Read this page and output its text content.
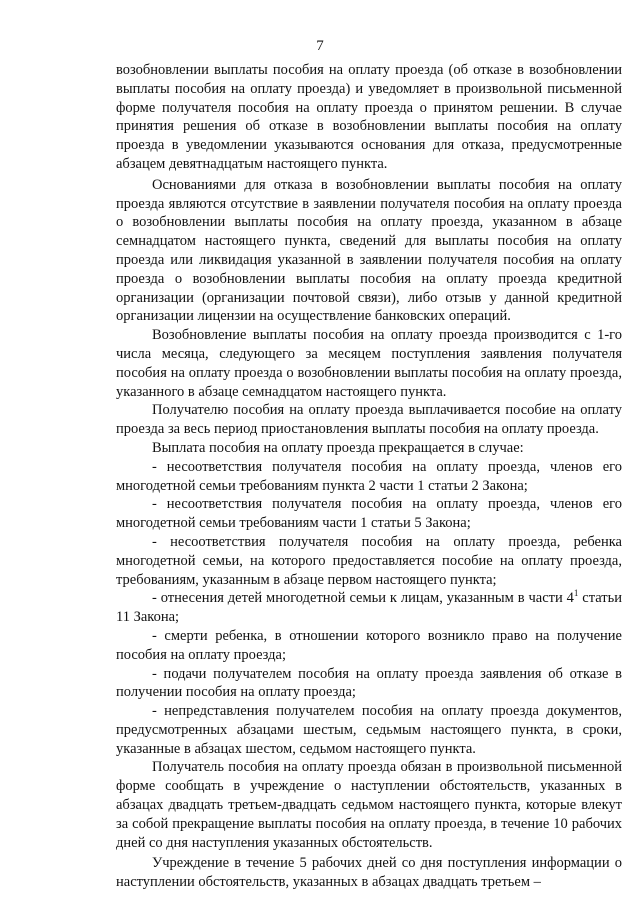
7

возобновлении выплаты пособия на оплату проезда (об отказе в возобновлении выплаты пособия на оплату проезда) и уведомляет в произвольной письменной форме получателя пособия на оплату проезда о принятом решении. В случае принятия решения об отказе в возобновлении выплаты пособия на оплату проезда в уведомлении указываются основания для отказа, предусмотренные абзацем девятнадцатым настоящего пункта.

Основаниями для отказа в возобновлении выплаты пособия на оплату проезда являются отсутствие в заявлении получателя пособия на оплату проезда о возобновлении выплаты пособия на оплату проезда, указанном в абзаце семнадцатом настоящего пункта, сведений для выплаты пособия на оплату проезда или ликвидация указанной в заявлении получателя пособия на оплату проезда о возобновлении выплаты пособия на оплату проезда кредитной организации (организации почтовой связи), либо отзыв у данной кредитной организации лицензии на осуществление банковских операций.

Возобновление выплаты пособия на оплату проезда производится с 1-го числа месяца, следующего за месяцем поступления заявления получателя пособия на оплату проезда о возобновлении выплаты пособия на оплату проезда, указанного в абзаце семнадцатом настоящего пункта.

Получателю пособия на оплату проезда выплачивается пособие на оплату проезда за весь период приостановления выплаты пособия на оплату проезда.

Выплата пособия на оплату проезда прекращается в случае:

- несоответствия получателя пособия на оплату проезда, членов его многодетной семьи требованиям пункта 2 части 1 статьи 2 Закона;

- несоответствия получателя пособия на оплату проезда, членов его многодетной семьи требованиям части 1 статьи 5 Закона;

- несоответствия получателя пособия на оплату проезда, ребенка многодетной семьи, на которого предоставляется пособие на оплату проезда, требованиям, указанным в абзаце первом настоящего пункта;

- отнесения детей многодетной семьи к лицам, указанным в части $4^1$ статьи 11 Закона;

- смерти ребенка, в отношении которого возникло право на получение пособия на оплату проезда;

- подачи получателем пособия на оплату проезда заявления об отказе в получении пособия на оплату проезда;

- непредставления получателем пособия на оплату проезда документов, предусмотренных абзацами шестым, седьмым настоящего пункта, в сроки, указанные в абзацах шестом, седьмом настоящего пункта.

Получатель пособия на оплату проезда обязан в произвольной письменной форме сообщать в учреждение о наступлении обстоятельств, указанных в абзацах двадцать третьем-двадцать седьмом настоящего пункта, которые влекут за собой прекращение выплаты пособия на оплату проезда, в течение 10 рабочих дней со дня наступления указанных обстоятельств.

Учреждение в течение 5 рабочих дней со дня поступления информации о наступлении обстоятельств, указанных в абзацах двадцать третьем –
